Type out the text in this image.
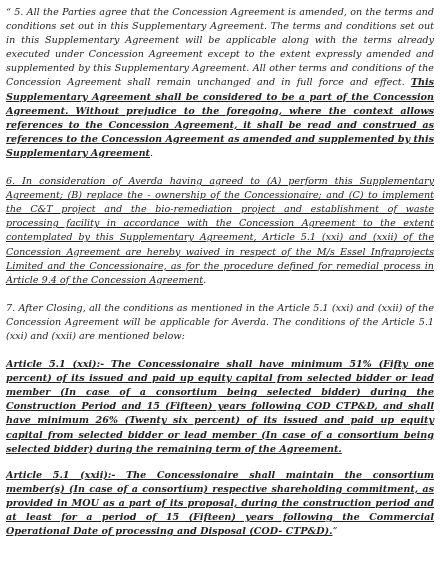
“ 5. All the Parties agree that the Concession Agreement is amended, on the terms and conditions set out in this Supplementary Agreement. The terms and conditions set out in this Supplementary Agreement will be applicable along with the terms already executed under Concession Agreement except to the extent expressly amended and supplemented by this Supplementary Agreement. All other terms and conditions of the Concession Agreement shall remain unchanged and in full force and effect. This Supplementary Agreement shall be considered to be a part of the Concession Agreement. Without prejudice to the foregoing, where the context allows references to the Concession Agreement, it shall be read and construed as references to the Concession Agreement as amended and supplemented by this Supplementary Agreement.

6. In consideration of Averda having agreed to (A) perform this Supplementary Agreement; (B) replace the - ownership of the Concessionaire; and (C) to implement the C&T project and the bio-remediation project and establishment of waste processing facility in accordance with the Concession Agreement to the extent contemplated by this Supplementary Agreement, Article 5.1 (xxi) and (xxii) of the Concession Agreement are hereby waived in respect of the M/s Essel Infraprojects Limited and the Concessionaire, as for the procedure defined for remedial process in Article 9.4 of the Concession Agreement.

7. After Closing, all the conditions as mentioned in the Article 5.1 (xxi) and (xxii) of the Concession Agreement will be applicable for Averda. The conditions of the Article 5.1 (xxi) and (xxii) are mentioned below:

Article 5.1 (xxi):- The Concessionaire shall have minimum 51% (Fifty one percent) of its issued and paid up equity capital from selected bidder or lead member (In case of a consortium being selected bidder) during the Construction Period and 15 (Fifteen) years following COD CTP&D, and shall have minimum 26% (Twenty six percent) of its issued and paid up equity capital from selected bidder or lead member (In case of a consortium being selected bidder) during the remaining term of the Agreement.

Article 5.1 (xxii):- The Concessionaire shall maintain the consortium member(s) (In case of a consortium) respective shareholding commitment, as provided in MOU as a part of its proposal, during the construction period and at least for a period of 15 (Fifteen) years following the Commercial Operational Date of processing and Disposal (COD- CTP&D).”
